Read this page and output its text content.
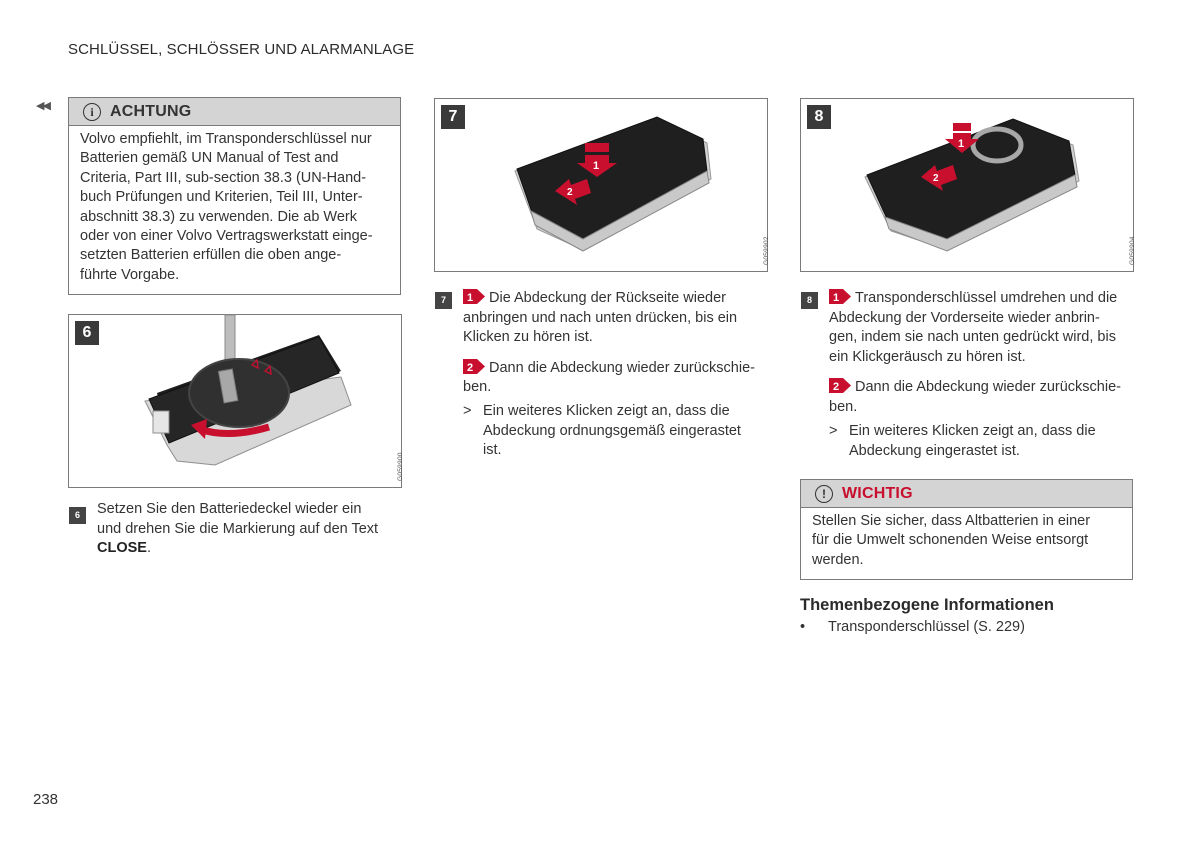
SCHLÜSSEL, SCHLÖSSER UND ALARMANLAGE
◀◀	i	ACHTUNG
Volvo empfiehlt, im Transponderschlüssel nur
Batterien gemäß UN Manual of Test and
Criteria, Part III, sub-section 38.3 (UN-Hand-
buch Prüfungen und Kriterien, Teil III, Unter-
abschnitt 38.3) zu verwenden. Die ab Werk
oder von einer Volvo Vertragswerkstatt einge-
setzten Batterien erfüllen die oben ange-
führte Vorgabe.
6
G059900
6	Setzen Sie den Batteriedeckel wieder ein
und drehen Sie die Markierung auf den Text
CLOSE.
1
2
7
G059902
7	1 Die Abdeckung der Rückseite wieder
anbringen und nach unten drücken, bis ein
Klicken zu hören ist.
2 Dann die Abdeckung wieder zurückschie-
ben.
> Ein weiteres Klicken zeigt an, dass die
Abdeckung ordnungsgemäß eingerastet
ist.
1
2
8
G059904
8	1 Transponderschlüssel umdrehen und die
Abdeckung der Vorderseite wieder anbrin-
gen, indem sie nach unten gedrückt wird, bis
ein Klickgeräusch zu hören ist.
2 Dann die Abdeckung wieder zurückschie-
ben.
> Ein weiteres Klicken zeigt an, dass die
Abdeckung eingerastet ist.
!	WICHTIG
Stellen Sie sicher, dass Altbatterien in einer
für die Umwelt schonenden Weise entsorgt
werden.
Themenbezogene Informationen
• Transponderschlüssel (S. 229)
238
